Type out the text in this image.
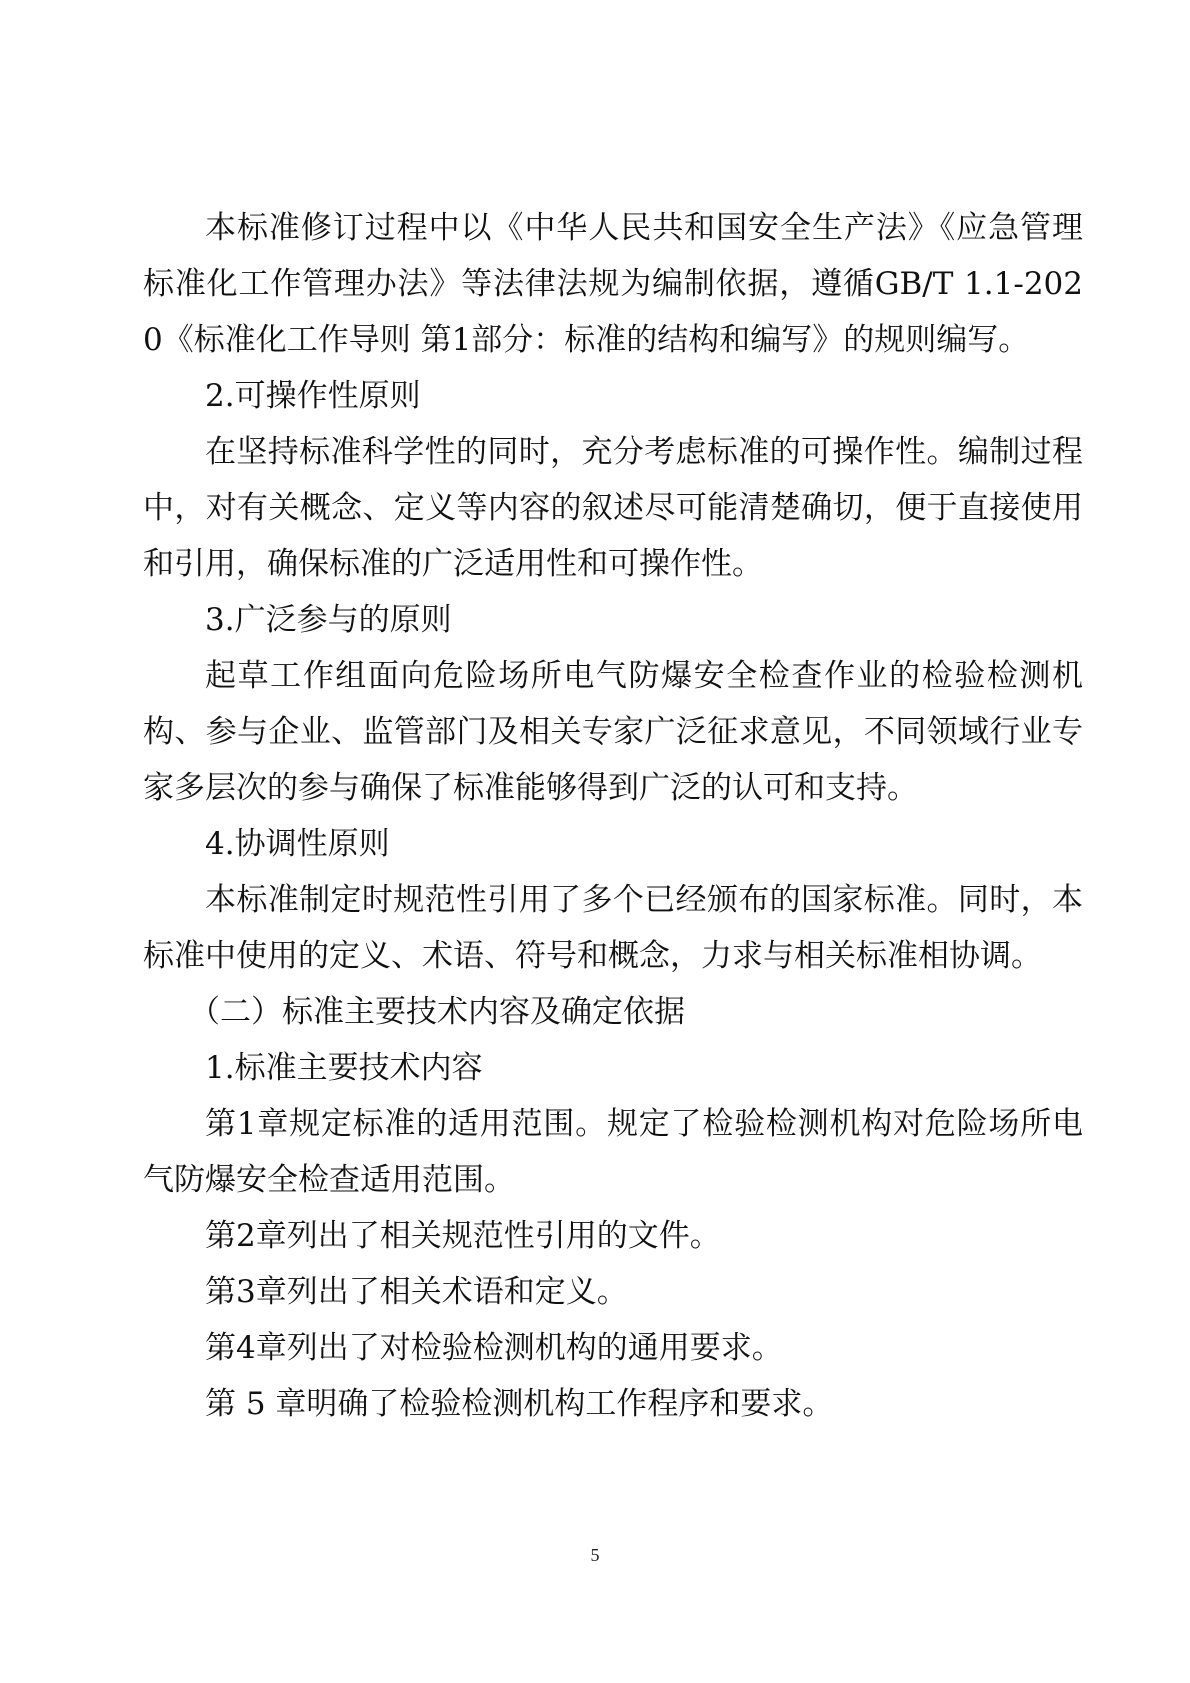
本标准修订过程中以《中华人民共和国安全生产法》《应急管理标准化工作管理办法》等法律法规为编制依据，遵循GB/T 1.1-2020《标准化工作导则 第1部分：标准的结构和编写》的规则编写。

2.可操作性原则

在坚持标准科学性的同时，充分考虑标准的可操作性。编制过程中，对有关概念、定义等内容的叙述尽可能清楚确切，便于直接使用和引用，确保标准的广泛适用性和可操作性。

3.广泛参与的原则

起草工作组面向危险场所电气防爆安全检查作业的检验检测机构、参与企业、监管部门及相关专家广泛征求意见，不同领域行业专家多层次的参与确保了标准能够得到广泛的认可和支持。

4.协调性原则

本标准制定时规范性引用了多个已经颁布的国家标准。同时，本标准中使用的定义、术语、符号和概念，力求与相关标准相协调。

（二）标准主要技术内容及确定依据

1.标准主要技术内容

第1章规定标准的适用范围。规定了检验检测机构对危险场所电气防爆安全检查适用范围。

第2章列出了相关规范性引用的文件。

第3章列出了相关术语和定义。

第4章列出了对检验检测机构的通用要求。

第 5 章明确了检验检测机构工作程序和要求。

5
